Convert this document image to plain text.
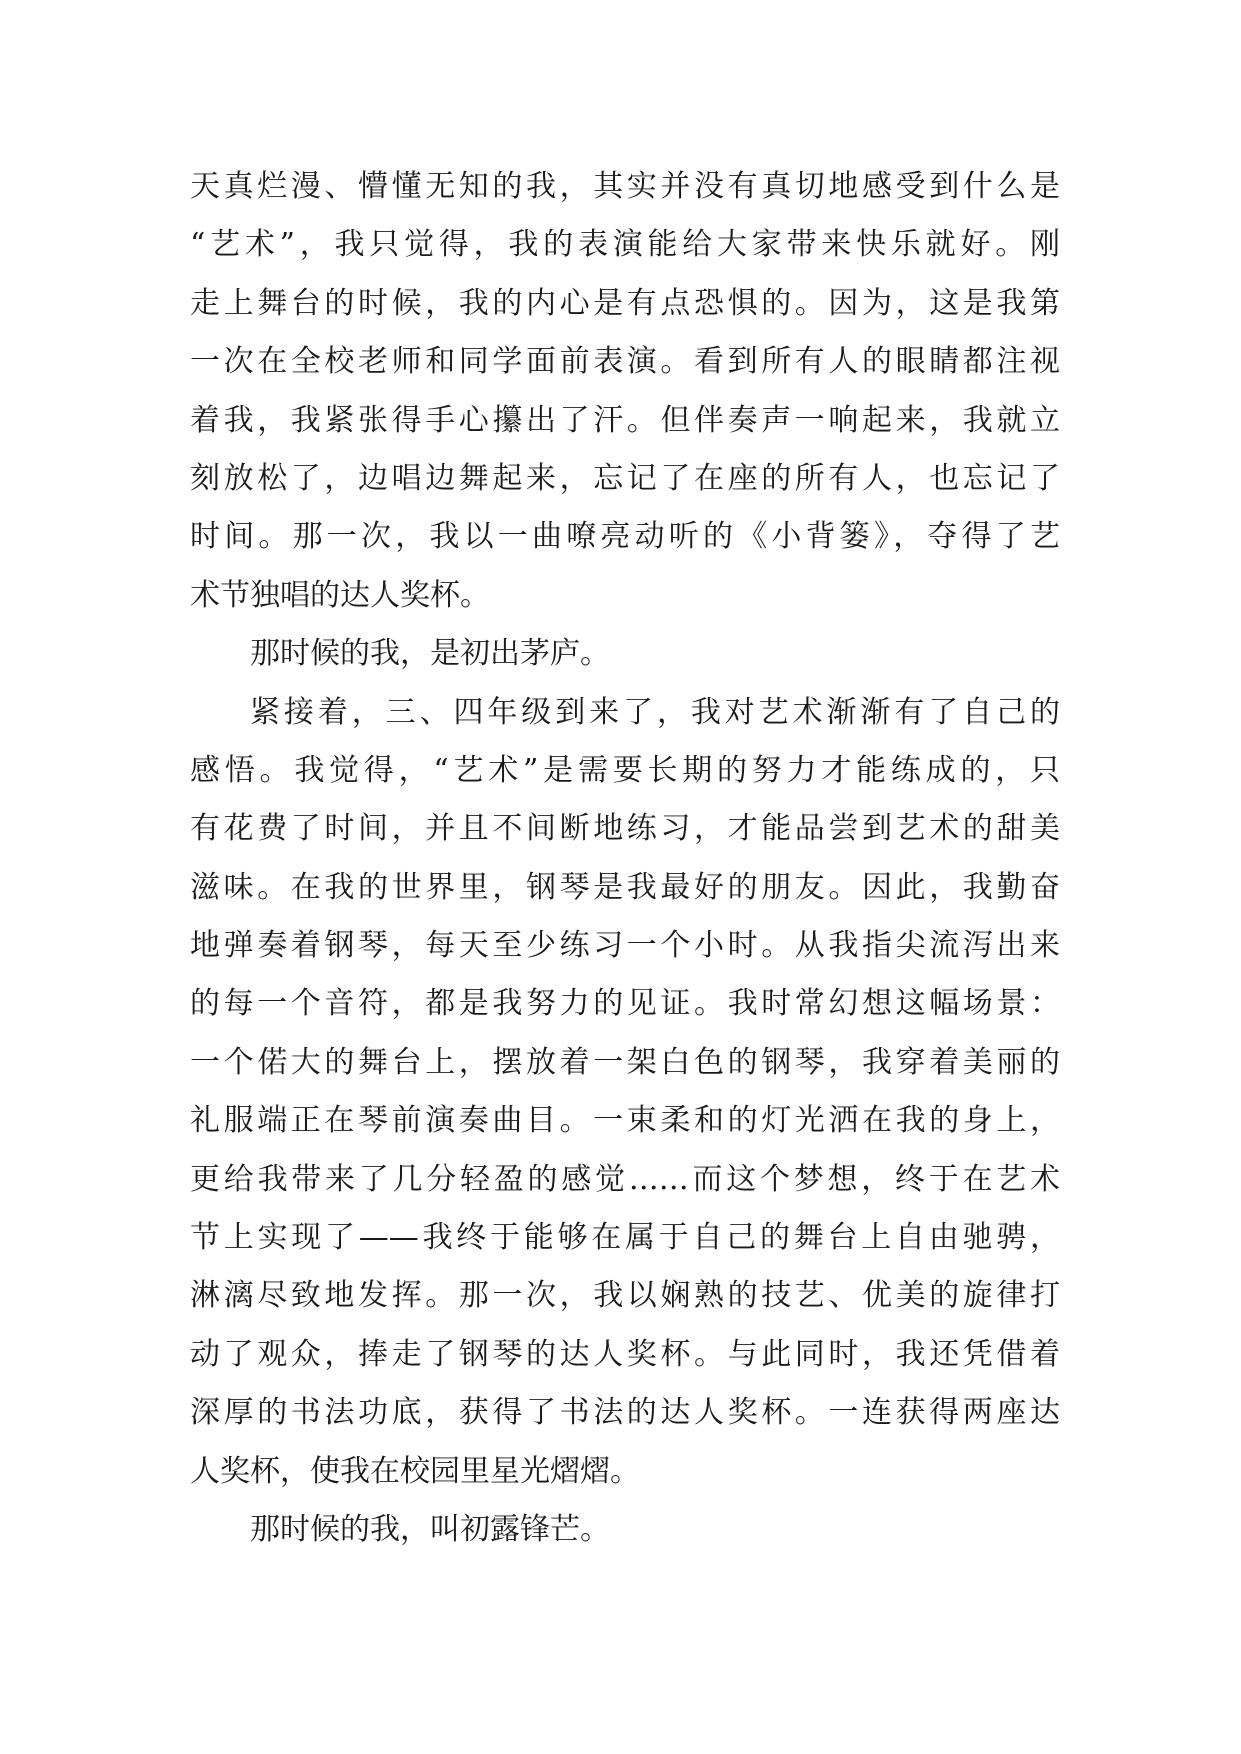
天真烂漫、懵懂无知的我，其实并没有真切地感受到什么是
“艺术”，我只觉得，我的表演能给大家带来快乐就好。刚
走上舞台的时候，我的内心是有点恐惧的。因为，这是我第
一次在全校老师和同学面前表演。看到所有人的眼睛都注视
着我，我紧张得手心攥出了汗。但伴奏声一响起来，我就立
刻放松了，边唱边舞起来，忘记了在座的所有人，也忘记了
时间。那一次，我以一曲嘹亮动听的《小背篓》，夺得了艺
术节独唱的达人奖杯。
那时候的我，是初出茅庐。
紧接着，三、四年级到来了，我对艺术渐渐有了自己的
感悟。我觉得，“艺术”是需要长期的努力才能练成的，只
有花费了时间，并且不间断地练习，才能品尝到艺术的甜美
滋味。在我的世界里，钢琴是我最好的朋友。因此，我勤奋
地弹奏着钢琴，每天至少练习一个小时。从我指尖流泻出来
的每一个音符，都是我努力的见证。我时常幻想这幅场景：
一个偌大的舞台上，摆放着一架白色的钢琴，我穿着美丽的
礼服端正在琴前演奏曲目。一束柔和的灯光洒在我的身上，
更给我带来了几分轻盈的感觉……而这个梦想，终于在艺术
节上实现了——我终于能够在属于自己的舞台上自由驰骋，
淋漓尽致地发挥。那一次，我以娴熟的技艺、优美的旋律打
动了观众，捧走了钢琴的达人奖杯。与此同时，我还凭借着
深厚的书法功底，获得了书法的达人奖杯。一连获得两座达
人奖杯，使我在校园里星光熠熠。
那时候的我，叫初露锋芒。
